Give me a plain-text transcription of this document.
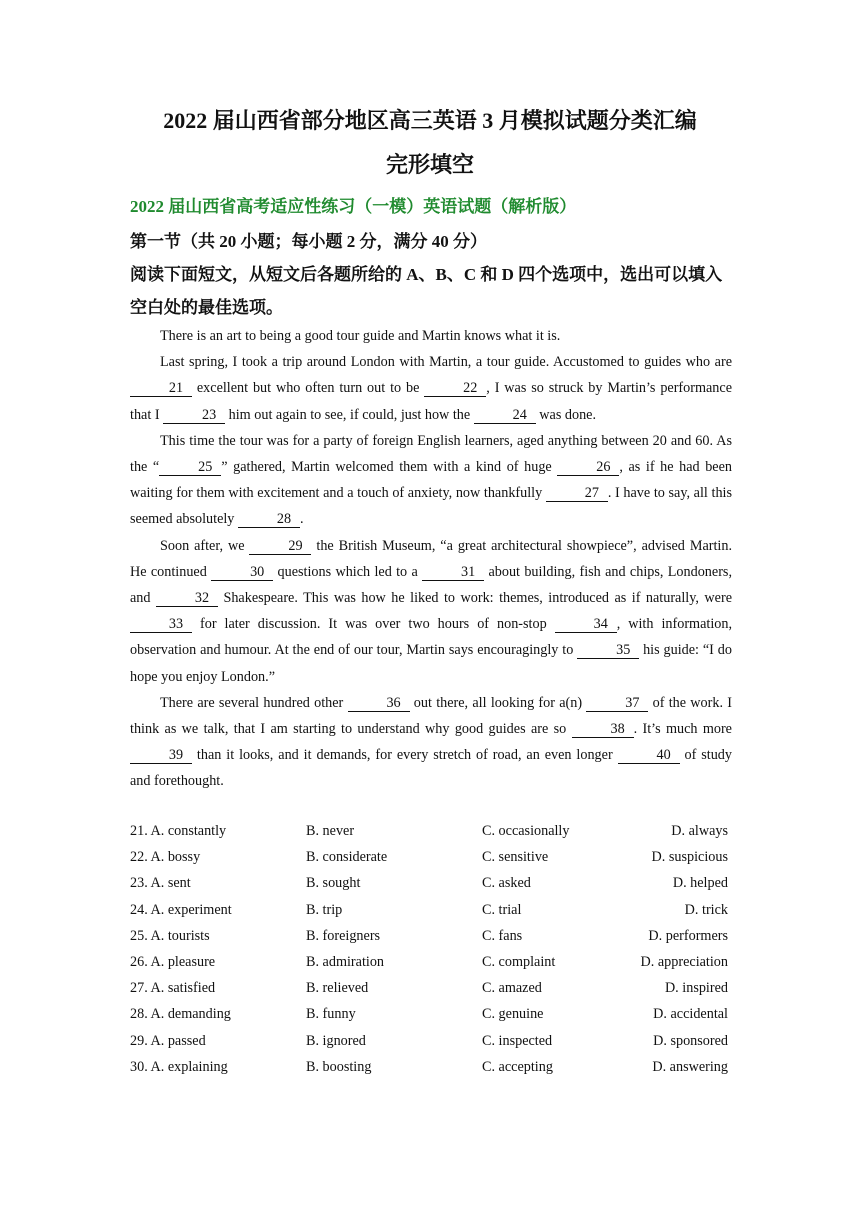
2022 届山西省部分地区高三英语 3 月模拟试题分类汇编
完形填空
2022 届山西省高考适应性练习（一模）英语试题（解析版）
第一节（共 20 小题；每小题 2 分，满分 40 分）
阅读下面短文，从短文后各题所给的 A、B、C 和 D 四个选项中，选出可以填入空白处的最佳选项。

There is an art to being a good tour guide and Martin knows what it is.

Last spring, I took a trip around London with Martin, a tour guide. Accustomed to guides who are 21 excellent but who often turn out to be	22 , I was so struck by Martin’s performance that I	23 him out again to see, if could, just how the	24 was done.

This time the tour was for a party of foreign English learners, aged anything between 20 and 60. As the “	25 ” gathered, Martin welcomed them with a kind of huge	26 , as if he had been waiting for them with excitement and a touch of anxiety, now thankfully	27 . I have to say, all this seemed absolutely	28 .

Soon after, we	29 the British Museum, “a great architectural showpiece”, advised Martin. He continued	30 questions which led to a	31 about building, fish and chips, Londoners, and	32 Shakespeare. This was how he liked to work: themes, introduced as if naturally, were 33 for later discussion. It was over two hours of non-stop	34 , with information, observation and humour. At the end of our tour, Martin says encouragingly to	35 his guide: “I do hope you enjoy London.”

There are several hundred other	36 out there, all looking for a(n)	37 of the work. I think as we talk, that I am starting to understand why good guides are so	38 . It’s much more 39 than it looks, and it demands, for every stretch of road, an even longer	40 of study and forethought.

21. A. constantly	B. never	C. occasionally	D. always
22. A. bossy	B. considerate	C. sensitive	D. suspicious
23. A. sent	B. sought	C. asked	D. helped
24. A. experiment	B. trip	C. trial	D. trick
25. A. tourists	B. foreigners	C. fans	D. performers
26. A. pleasure	B. admiration	C. complaint	D. appreciation
27. A. satisfied	B. relieved	C. amazed	D. inspired
28. A. demanding	B. funny	C. genuine	D. accidental
29. A. passed	B. ignored	C. inspected	D. sponsored
30. A. explaining	B. boosting	C. accepting	D. answering
